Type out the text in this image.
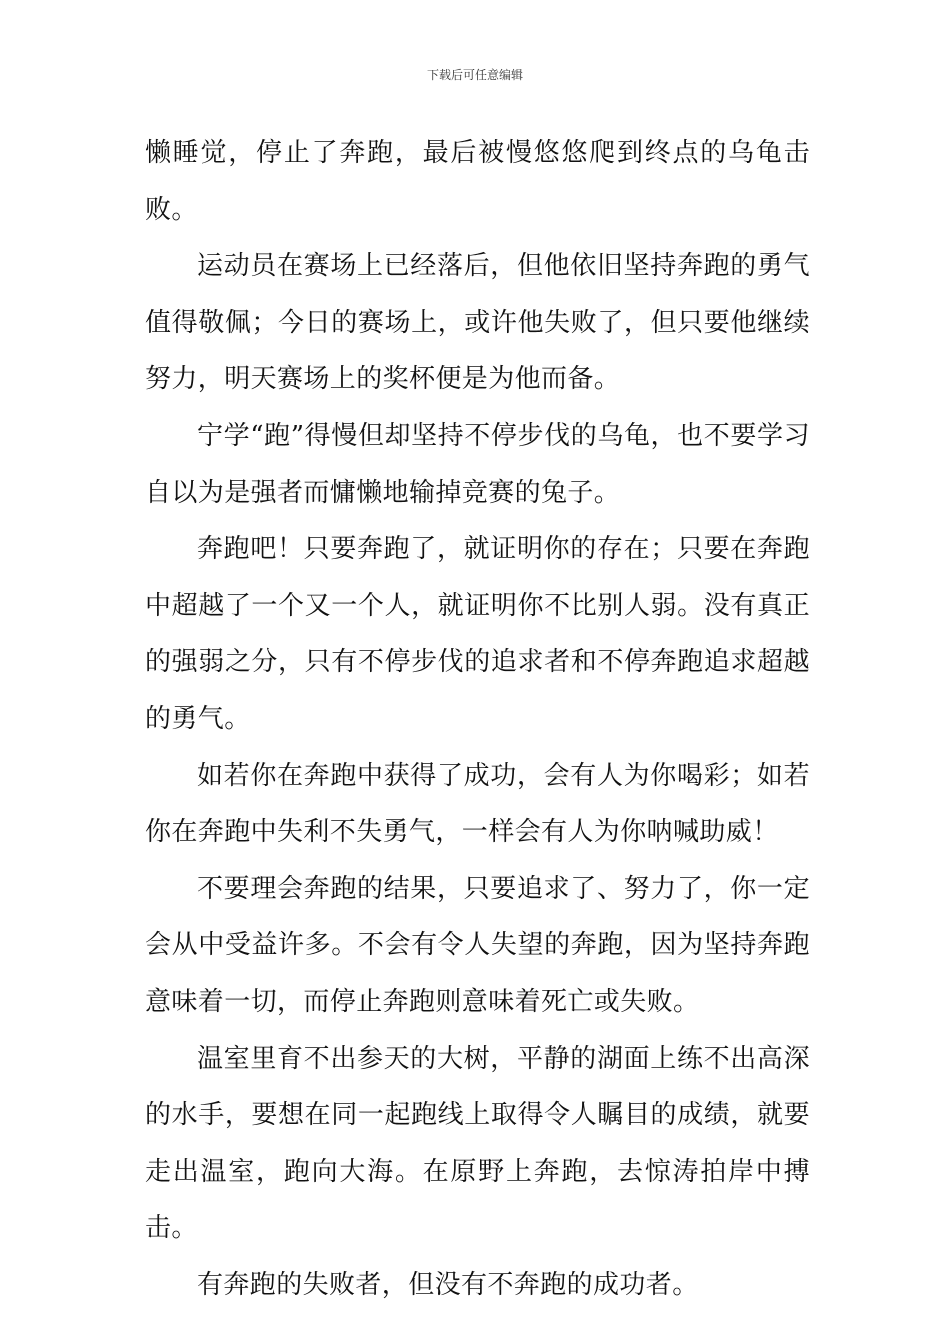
下载后可任意编辑

懒睡觉，停止了奔跑，最后被慢悠悠爬到终点的乌龟击败。

运动员在赛场上已经落后，但他依旧坚持奔跑的勇气值得敬佩；今日的赛场上，或许他失败了，但只要他继续努力，明天赛场上的奖杯便是为他而备。

宁学“跑”得慢但却坚持不停步伐的乌龟，也不要学习自以为是强者而慵懒地输掉竞赛的兔子。

奔跑吧！只要奔跑了，就证明你的存在；只要在奔跑中超越了一个又一个人，就证明你不比别人弱。没有真正的强弱之分，只有不停步伐的追求者和不停奔跑追求超越的勇气。

如若你在奔跑中获得了成功，会有人为你喝彩；如若你在奔跑中失利不失勇气，一样会有人为你呐喊助威！

不要理会奔跑的结果，只要追求了、努力了，你一定会从中受益许多。不会有令人失望的奔跑，因为坚持奔跑意味着一切，而停止奔跑则意味着死亡或失败。

温室里育不出参天的大树，平静的湖面上练不出高深的水手，要想在同一起跑线上取得令人瞩目的成绩，就要走出温室，跑向大海。在原野上奔跑，去惊涛拍岸中搏击。

有奔跑的失败者，但没有不奔跑的成功者。
